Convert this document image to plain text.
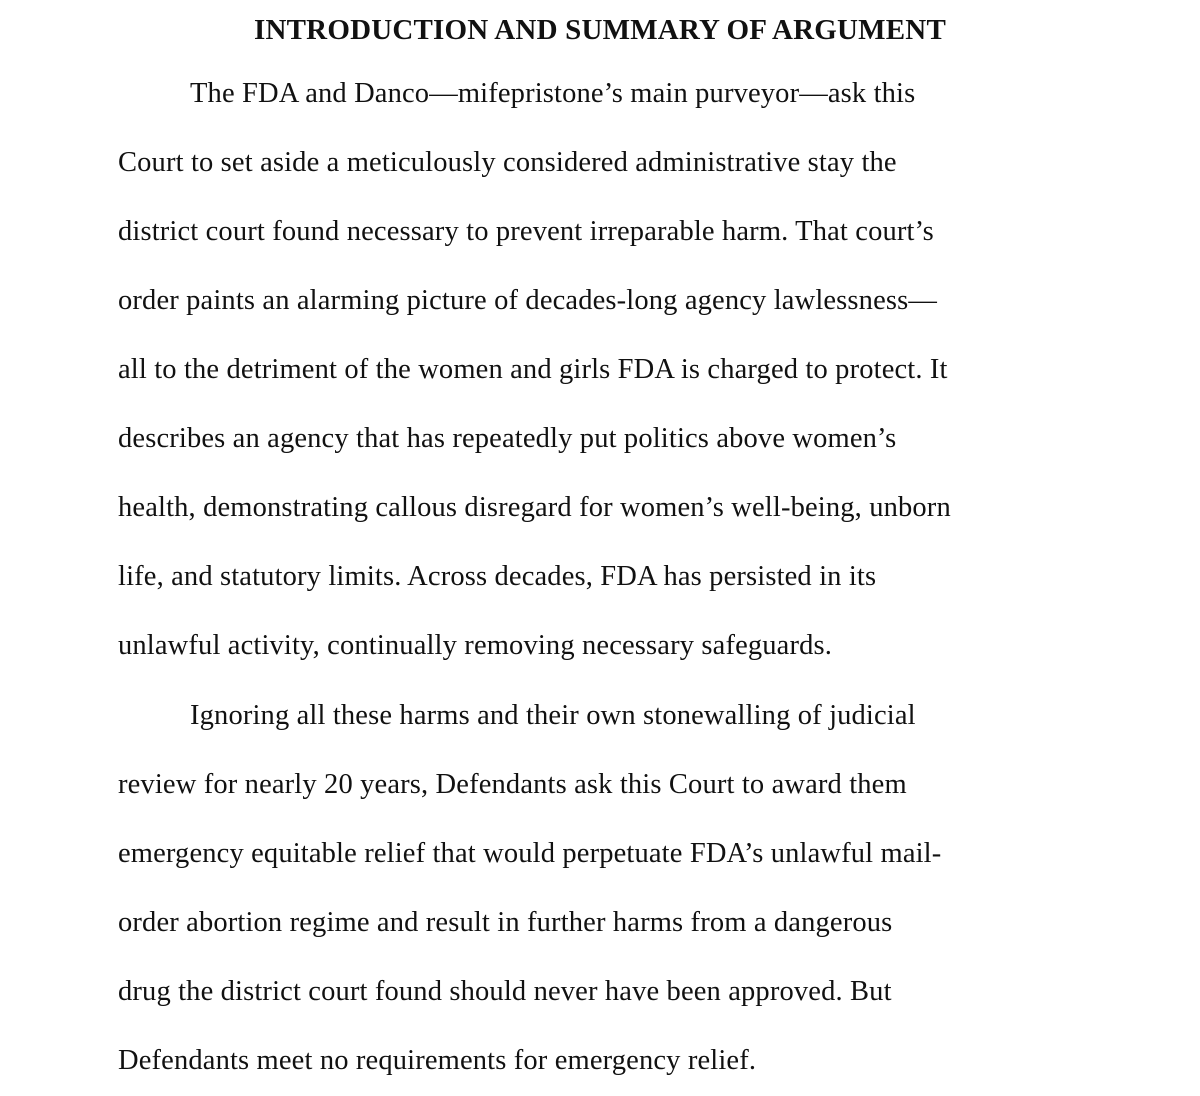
INTRODUCTION AND SUMMARY OF ARGUMENT
The FDA and Danco—mifepristone’s main purveyor—ask this
Court to set aside a meticulously considered administrative stay the
district court found necessary to prevent irreparable harm. That court’s
order paints an alarming picture of decades-long agency lawlessness—
all to the detriment of the women and girls FDA is charged to protect. It
describes an agency that has repeatedly put politics above women’s
health, demonstrating callous disregard for women’s well-being, unborn
life, and statutory limits. Across decades, FDA has persisted in its
unlawful activity, continually removing necessary safeguards.
Ignoring all these harms and their own stonewalling of judicial
review for nearly 20 years, Defendants ask this Court to award them
emergency equitable relief that would perpetuate FDA’s unlawful mail-
order abortion regime and result in further harms from a dangerous
drug the district court found should never have been approved. But
Defendants meet no requirements for emergency relief.
